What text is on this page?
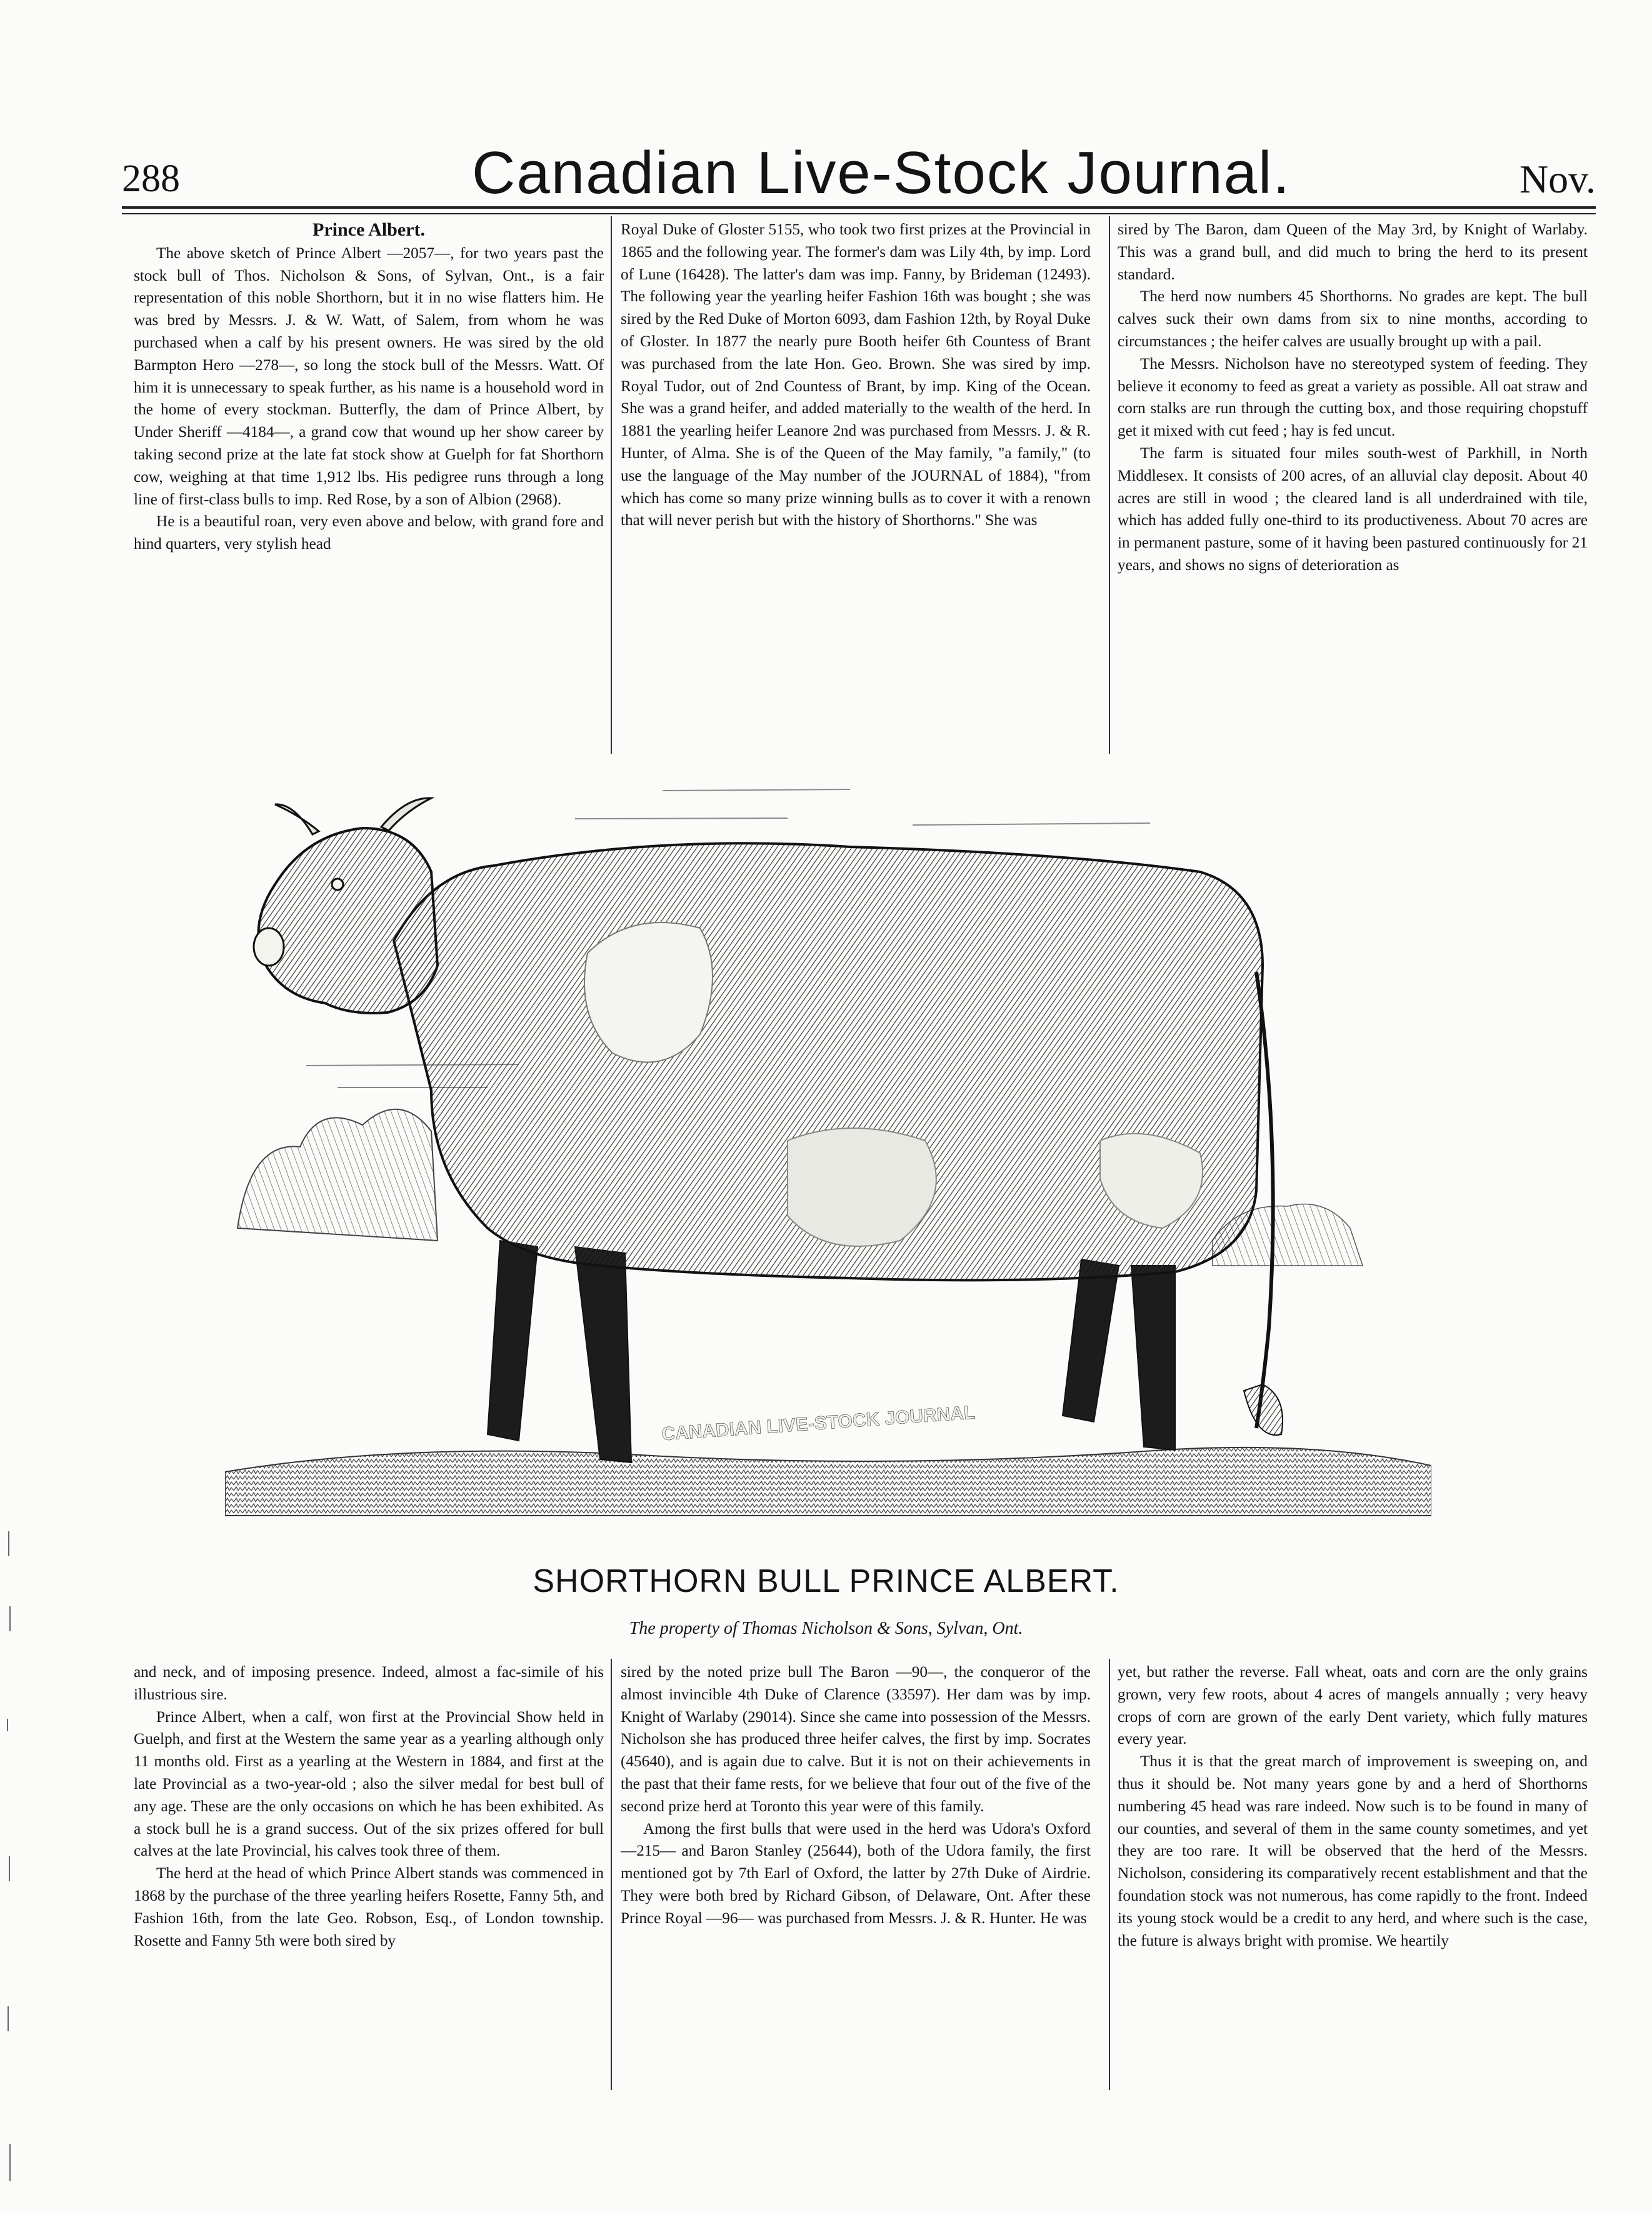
288	Canadian Live-Stock Journal.	Nov.
Prince Albert.

The above sketch of Prince Albert —2057—, for two years past the stock bull of Thos. Nicholson & Sons, of Sylvan, Ont., is a fair representation of this noble Shorthorn, but it in no wise flatters him. He was bred by Messrs. J. & W. Watt, of Salem, from whom he was purchased when a calf by his present owners. He was sired by the old Barmpton Hero —278—, so long the stock bull of the Messrs. Watt. Of him it is unnecessary to speak further, as his name is a household word in the home of every stockman. Butterfly, the dam of Prince Albert, by Under Sheriff —4184—, a grand cow that wound up her show career by taking second prize at the late fat stock show at Guelph for fat Shorthorn cow, weighing at that time 1,912 lbs. His pedigree runs through a long line of first-class bulls to imp. Red Rose, by a son of Albion (2968).

He is a beautiful roan, very even above and below, with grand fore and hind quarters, very stylish head

Royal Duke of Gloster 5155, who took two first prizes at the Provincial in 1865 and the following year. The former's dam was Lily 4th, by imp. Lord of Lune (16428). The latter's dam was imp. Fanny, by Brideman (12493). The following year the yearling heifer Fashion 16th was bought ; she was sired by the Red Duke of Morton 6093, dam Fashion 12th, by Royal Duke of Gloster. In 1877 the nearly pure Booth heifer 6th Countess of Brant was purchased from the late Hon. Geo. Brown. She was sired by imp. Royal Tudor, out of 2nd Countess of Brant, by imp. King of the Ocean. She was a grand heifer, and added materially to the wealth of the herd. In 1881 the yearling heifer Leanore 2nd was purchased from Messrs. J. & R. Hunter, of Alma. She is of the Queen of the May family, "a family," (to use the language of the May number of the JOURNAL of 1884), "from which has come so many prize winning bulls as to cover it with a renown that will never perish but with the history of Shorthorns." She was

sired by The Baron, dam Queen of the May 3rd, by Knight of Warlaby. This was a grand bull, and did much to bring the herd to its present standard.

The herd now numbers 45 Shorthorns. No grades are kept. The bull calves suck their own dams from six to nine months, according to circumstances ; the heifer calves are usually brought up with a pail.

The Messrs. Nicholson have no stereotyped system of feeding. They believe it economy to feed as great a variety as possible. All oat straw and corn stalks are run through the cutting box, and those requiring chopstuff get it mixed with cut feed ; hay is fed uncut.

The farm is situated four miles south-west of Parkhill, in North Middlesex. It consists of 200 acres, of an alluvial clay deposit. About 40 acres are still in wood ; the cleared land is all underdrained with tile, which has added fully one-third to its productiveness. About 70 acres are in permanent pasture, some of it having been pastured continuously for 21 years, and shows no signs of deterioration as

CANADIAN LIVE-STOCK JOURNAL
SHORTHORN BULL PRINCE ALBERT.
The property of Thomas Nicholson & Sons, Sylvan, Ont.

and neck, and of imposing presence. Indeed, almost a fac-simile of his illustrious sire.

Prince Albert, when a calf, won first at the Provincial Show held in Guelph, and first at the Western the same year as a yearling although only 11 months old. First as a yearling at the Western in 1884, and first at the late Provincial as a two-year-old ; also the silver medal for best bull of any age. These are the only occasions on which he has been exhibited. As a stock bull he is a grand success. Out of the six prizes offered for bull calves at the late Provincial, his calves took three of them.

The herd at the head of which Prince Albert stands was commenced in 1868 by the purchase of the three yearling heifers Rosette, Fanny 5th, and Fashion 16th, from the late Geo. Robson, Esq., of London township. Rosette and Fanny 5th were both sired by

sired by the noted prize bull The Baron —90—, the conqueror of the almost invincible 4th Duke of Clarence (33597). Her dam was by imp. Knight of Warlaby (29014). Since she came into possession of the Messrs. Nicholson she has produced three heifer calves, the first by imp. Socrates (45640), and is again due to calve. But it is not on their achievements in the past that their fame rests, for we believe that four out of the five of the second prize herd at Toronto this year were of this family.

Among the first bulls that were used in the herd was Udora's Oxford —215— and Baron Stanley (25644), both of the Udora family, the first mentioned got by 7th Earl of Oxford, the latter by 27th Duke of Airdrie. They were both bred by Richard Gibson, of Delaware, Ont. After these Prince Royal —96— was purchased from Messrs. J. & R. Hunter. He was

yet, but rather the reverse. Fall wheat, oats and corn are the only grains grown, very few roots, about 4 acres of mangels annually ; very heavy crops of corn are grown of the early Dent variety, which fully matures every year.

Thus it is that the great march of improvement is sweeping on, and thus it should be. Not many years gone by and a herd of Shorthorns numbering 45 head was rare indeed. Now such is to be found in many of our counties, and several of them in the same county sometimes, and yet they are too rare. It will be observed that the herd of the Messrs. Nicholson, considering its comparatively recent establishment and that the foundation stock was not numerous, has come rapidly to the front. Indeed its young stock would be a credit to any herd, and where such is the case, the future is always bright with promise. We heartily
